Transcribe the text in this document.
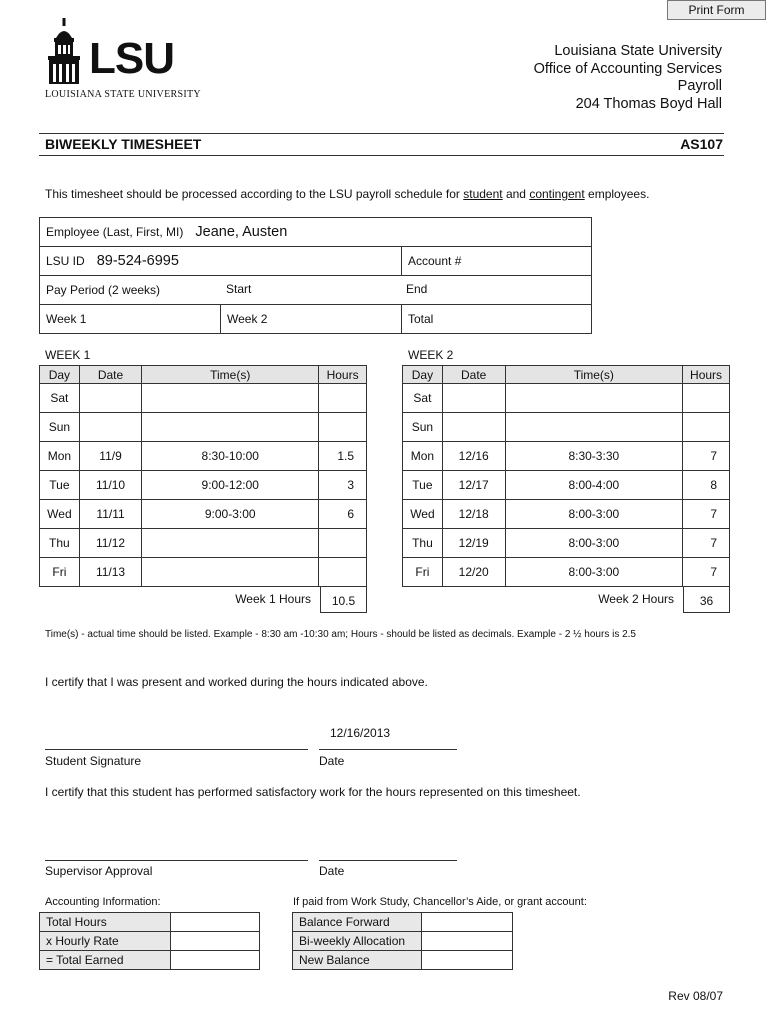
Print Form
LSU
LOUISIANA STATE UNIVERSITY
Louisiana State University
Office of Accounting Services
Payroll
204 Thomas Boyd Hall
BIWEEKLY TIMESHEET	AS107
This timesheet should be processed according to the LSU payroll schedule for student and contingent employees.
Employee (Last, First, MI) Jeane, Austen		
LSU ID 89-524-6995		Account #
Pay Period (2 weeks) Start End		

Week 1	Week 2	Total
WEEK 1
Day	Date	Time(s)	Hours
Sat			
Sun			
Mon	11/9	8:30-10:00	1.5
Tue	11/10	9:00-12:00	3
Wed	11/11	9:00-3:00	6
Thu	11/12		
Fri	11/13		
Week 1 Hours	10.5
WEEK 2
Day	Date	Time(s)	Hours
Sat			
Sun			
Mon	12/16	8:30-3:30	7
Tue	12/17	8:00-4:00	8
Wed	12/18	8:00-3:00	7
Thu	12/19	8:00-3:00	7
Fri	12/20	8:00-3:00	7
Week 2 Hours	36
Time(s) - actual time should be listed. Example - 8:30 am -10:30 am; Hours - should be listed as decimals. Example - 2 ½ hours is 2.5
I certify that I was present and worked during the hours indicated above.
12/16/2013
Student Signature	Date
I certify that this student has performed satisfactory work for the hours represented on this timesheet.
Supervisor Approval	Date
Accounting Information:
Total Hours	
x Hourly Rate	
= Total Earned	
If paid from Work Study, Chancellor’s Aide, or grant account:
Balance Forward	
Bi-weekly Allocation	
New Balance	
Rev 08/07
